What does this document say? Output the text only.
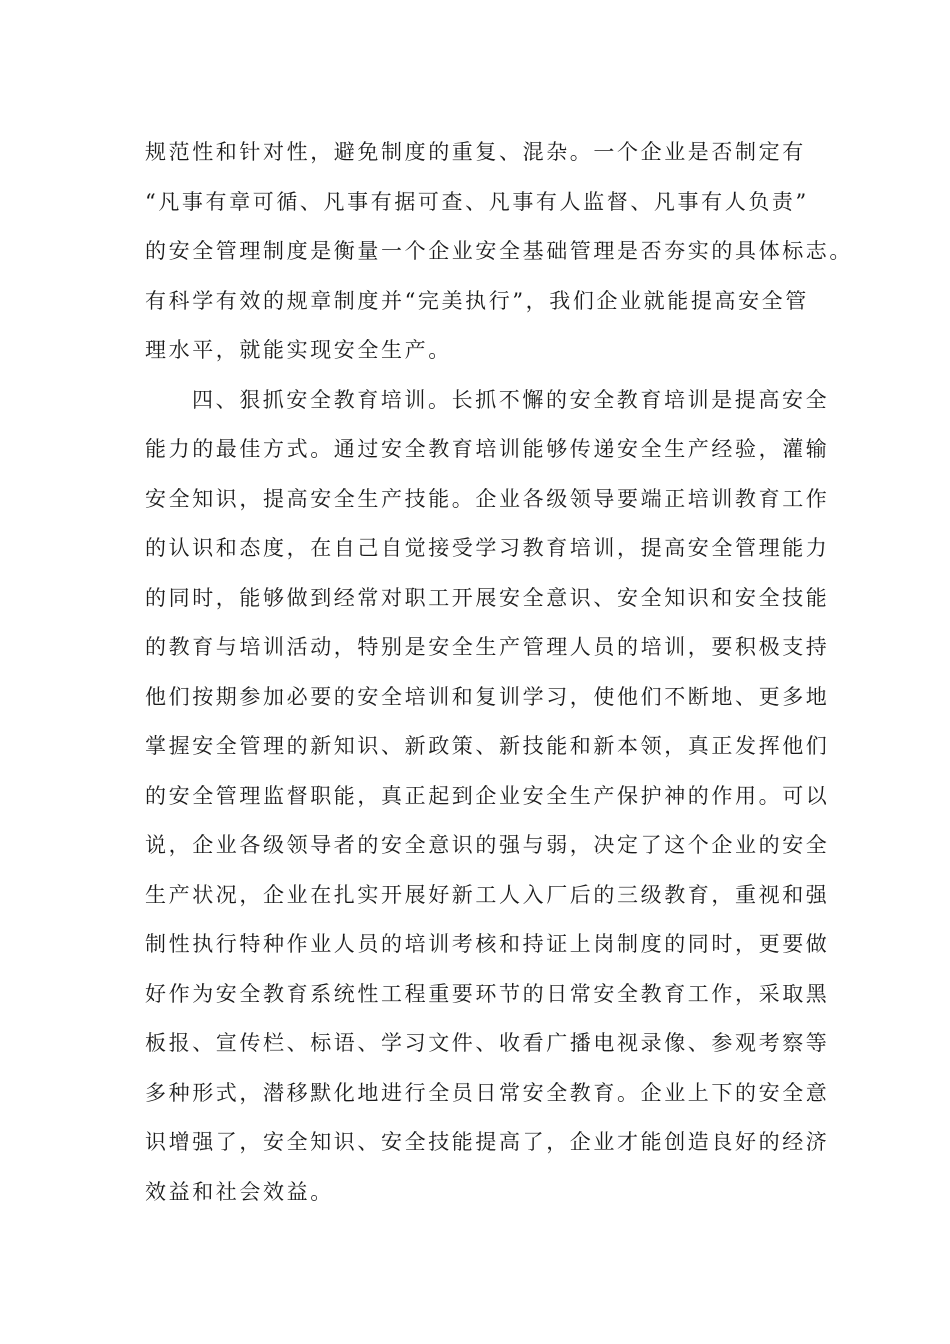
规范性和针对性，避免制度的重复、混杂。一个企业是否制定有
“凡事有章可循、凡事有据可查、凡事有人监督、凡事有人负责”
的安全管理制度是衡量一个企业安全基础管理是否夯实的具体标志。
有科学有效的规章制度并“完美执行”，我们企业就能提高安全管
理水平，就能实现安全生产。
四、狠抓安全教育培训。长抓不懈的安全教育培训是提高安全
能力的最佳方式。通过安全教育培训能够传递安全生产经验，灌输
安全知识，提高安全生产技能。企业各级领导要端正培训教育工作
的认识和态度，在自己自觉接受学习教育培训，提高安全管理能力
的同时，能够做到经常对职工开展安全意识、安全知识和安全技能
的教育与培训活动，特别是安全生产管理人员的培训，要积极支持
他们按期参加必要的安全培训和复训学习，使他们不断地、更多地
掌握安全管理的新知识、新政策、新技能和新本领，真正发挥他们
的安全管理监督职能，真正起到企业安全生产保护神的作用。可以
说，企业各级领导者的安全意识的强与弱，决定了这个企业的安全
生产状况，企业在扎实开展好新工人入厂后的三级教育，重视和强
制性执行特种作业人员的培训考核和持证上岗制度的同时，更要做
好作为安全教育系统性工程重要环节的日常安全教育工作，采取黑
板报、宣传栏、标语、学习文件、收看广播电视录像、参观考察等
多种形式，潜移默化地进行全员日常安全教育。企业上下的安全意
识增强了，安全知识、安全技能提高了，企业才能创造良好的经济
效益和社会效益。
